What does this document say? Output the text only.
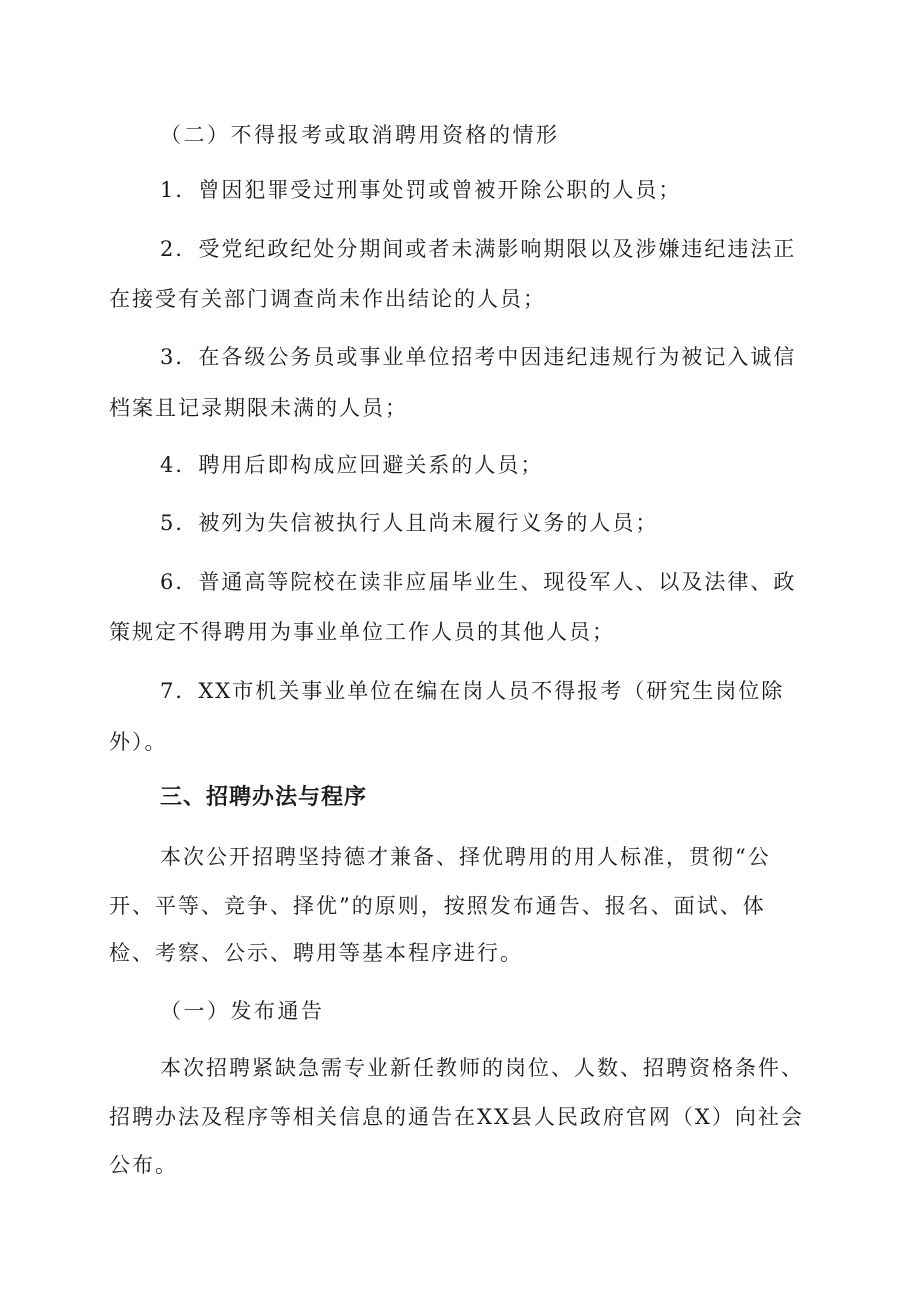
（二）不得报考或取消聘用资格的情形
1．曾因犯罪受过刑事处罚或曾被开除公职的人员；
2．受党纪政纪处分期间或者未满影响期限以及涉嫌违纪违法正
在接受有关部门调查尚未作出结论的人员；
3．在各级公务员或事业单位招考中因违纪违规行为被记入诚信
档案且记录期限未满的人员；
4．聘用后即构成应回避关系的人员；
5．被列为失信被执行人且尚未履行义务的人员；
6．普通高等院校在读非应届毕业生、现役军人、以及法律、政
策规定不得聘用为事业单位工作人员的其他人员；
7．XX市机关事业单位在编在岗人员不得报考（研究生岗位除
外）。
三、招聘办法与程序
本次公开招聘坚持德才兼备、择优聘用的用人标准，贯彻“公
开、平等、竞争、择优”的原则，按照发布通告、报名、面试、体
检、考察、公示、聘用等基本程序进行。
（一）发布通告
本次招聘紧缺急需专业新任教师的岗位、人数、招聘资格条件、
招聘办法及程序等相关信息的通告在XX县人民政府官网（X）向社会
公布。
